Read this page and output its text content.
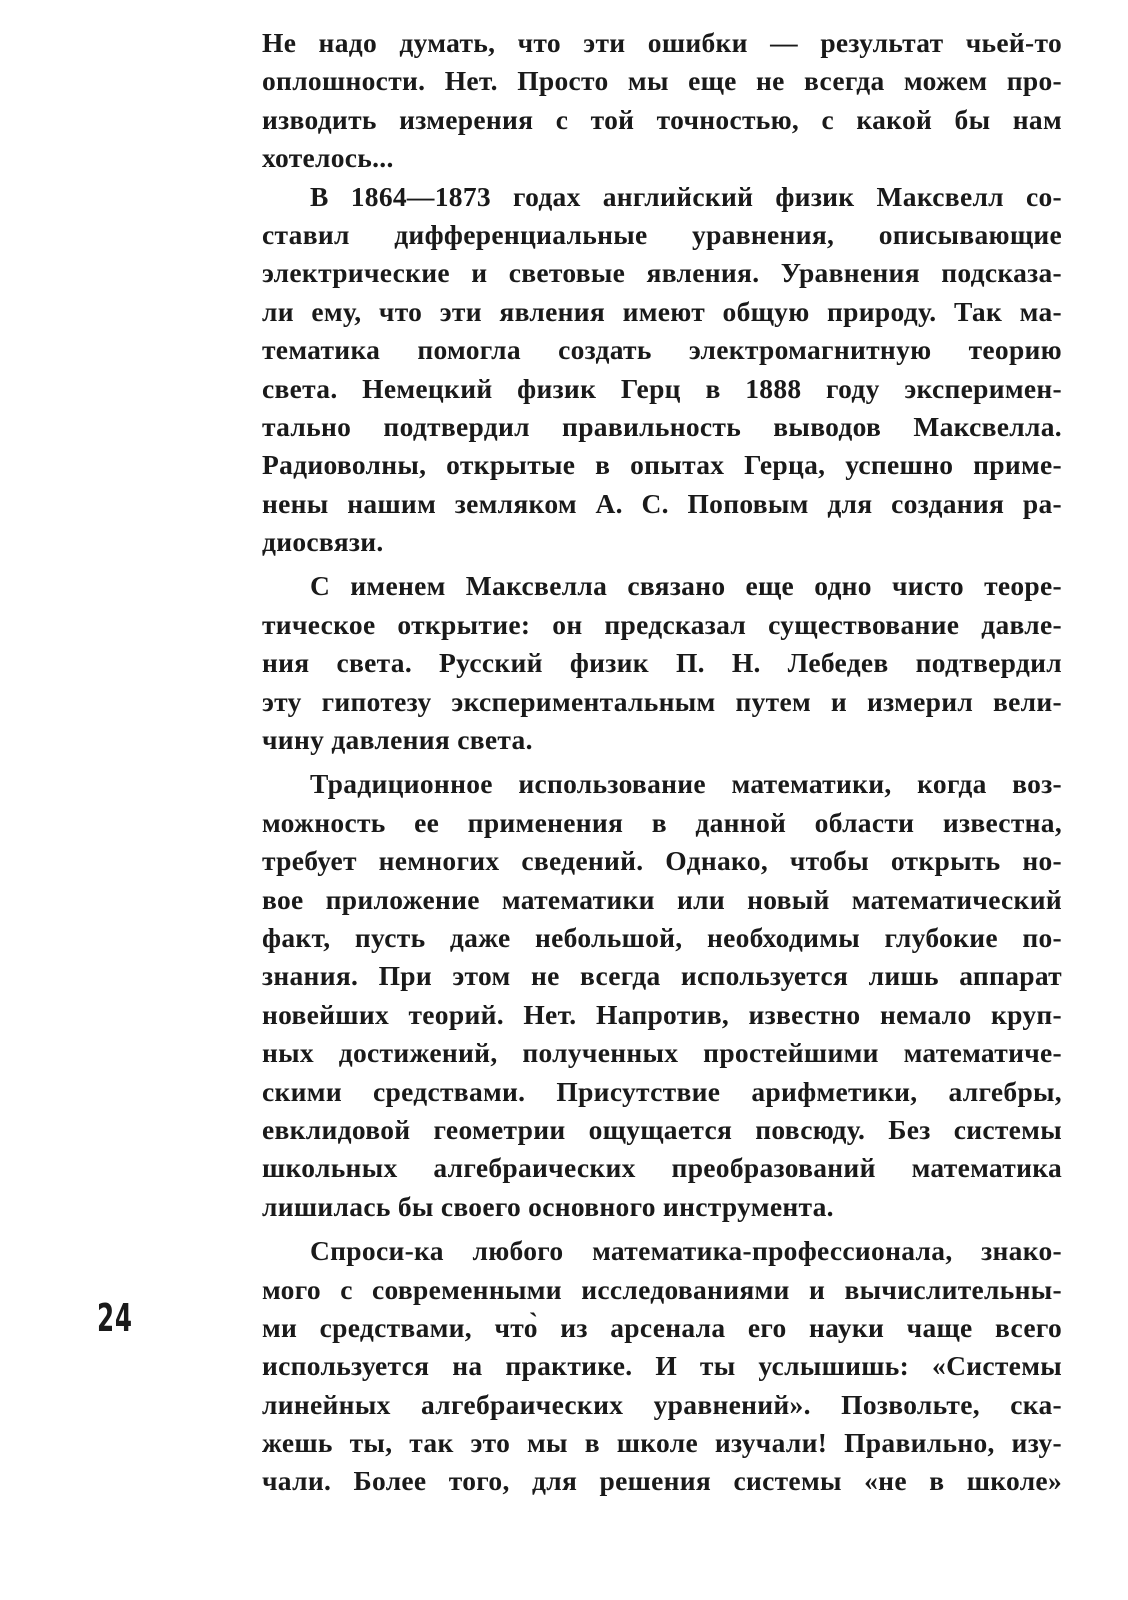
Не надо думать, что эти ошибки — результат чьей-то
оплошности. Нет. Просто мы еще не всегда можем про-
изводить измерения с той точностью, с какой бы нам
хотелось...
В 1864—1873 годах английский физик Максвелл со-
ставил дифференциальные уравнения, описывающие
электрические и световые явления. Уравнения подсказа-
ли ему, что эти явления имеют общую природу. Так ма-
тематика помогла создать электромагнитную теорию
света. Немецкий физик Герц в 1888 году эксперимен-
тально подтвердил правильность выводов Максвелла.
Радиоволны, открытые в опытах Герца, успешно приме-
нены нашим земляком А. С. Поповым для создания ра-
диосвязи.
С именем Максвелла связано еще одно чисто теоре-
тическое открытие: он предсказал существование давле-
ния света. Русский физик П. Н. Лебедев подтвердил
эту гипотезу экспериментальным путем и измерил вели-
чину давления света.
Традиционное использование математики, когда воз-
можность ее применения в данной области известна,
требует немногих сведений. Однако, чтобы открыть но-
вое приложение математики или новый математический
факт, пусть даже небольшой, необходимы глубокие по-
знания. При этом не всегда используется лишь аппарат
новейших теорий. Нет. Напротив, известно немало круп-
ных достижений, полученных простейшими математиче-
скими средствами. Присутствие арифметики, алгебры,
евклидовой геометрии ощущается повсюду. Без системы
школьных алгебраических преобразований математика
лишилась бы своего основного инструмента.
Спроси-ка любого математика-профессионала, знако-
мого с современными исследованиями и вычислительны-
ми средствами, что̀ из арсенала его науки чаще всего
используется на практике. И ты услышишь: «Системы
линейных алгебраических уравнений». Позвольте, ска-
жешь ты, так это мы в школе изучали! Правильно, изу-
чали. Более того, для решения системы «не в школе»
24
